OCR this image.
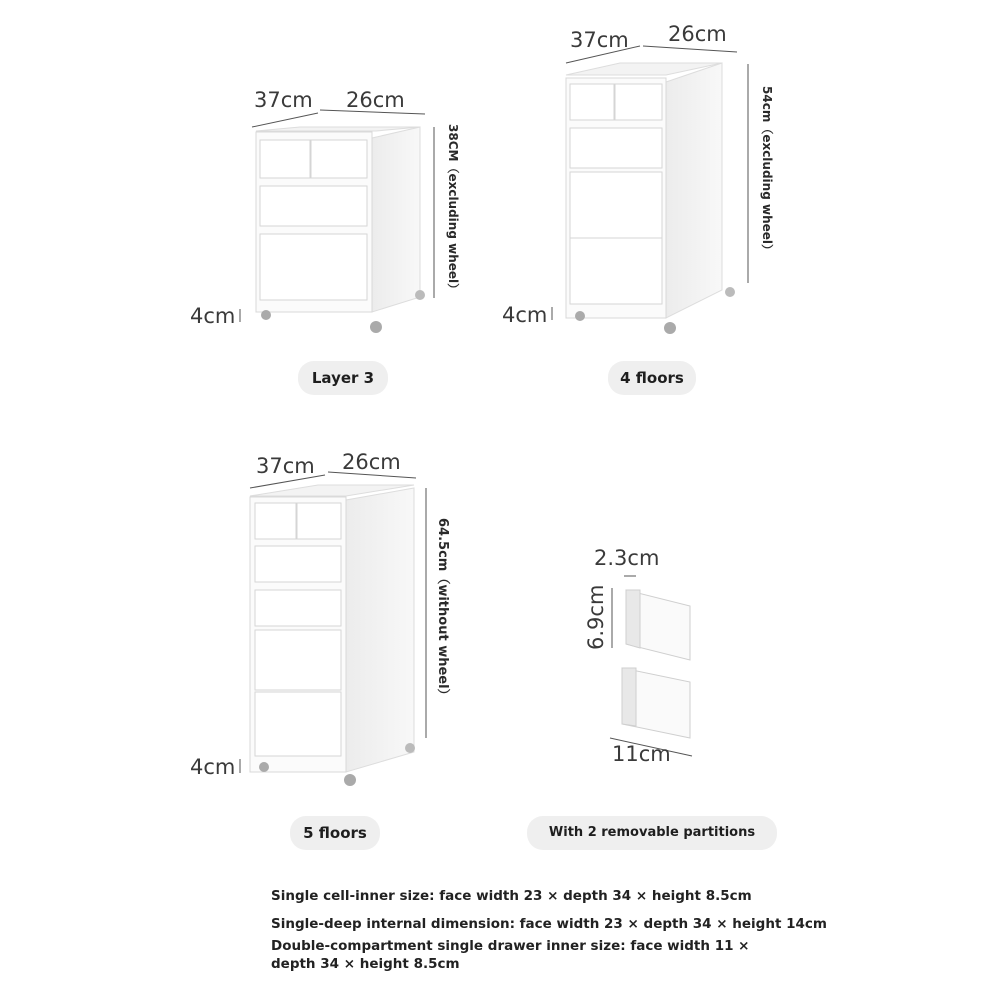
37cm 26cm
38CM（excluding wheel）
4cm
Layer 3
37cm 26cm
54cm（excluding wheel）
4cm
4 floors
37cm 26cm
64.5cm（without wheel）
4cm
5 floors
2.3cm
6.9cm
11cm
With 2 removable partitions
Single cell-inner size: face width 23 × depth 34 × height 8.5cm
Single-deep internal dimension: face width 23 × depth 34 × height 14cm
Double-compartment single drawer inner size: face width 11 ×
depth 34 × height 8.5cm
